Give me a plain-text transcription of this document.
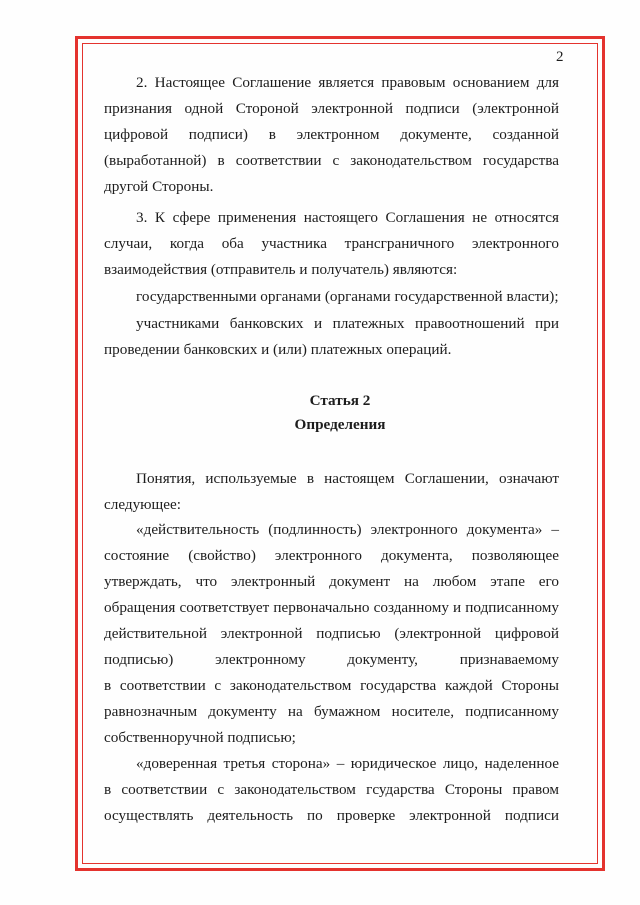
2
2. Настоящее Соглашение является правовым основанием для
признания одной Стороной электронной подписи (электронной
цифровой подписи) в электронном документе, созданной
(выработанной) в соответствии с законодательством государства
другой Стороны.
3. К сфере применения настоящего Соглашения не относятся
случаи, когда оба участника трансграничного электронного
взаимодействия (отправитель и получатель) являются:
государственными органами (органами государственной власти);
участниками банковских и платежных правоотношений при
проведении банковских и (или) платежных операций.
Статья 2
Определения
Понятия, используемые в настоящем Соглашении, означают
следующее:
«действительность (подлинность) электронного документа» –
состояние (свойство) электронного документа, позволяющее
утверждать, что электронный документ на любом этапе его
обращения соответствует первоначально созданному и подписанному
действительной электронной подписью (электронной цифровой
подписью) электронному документу, признаваемому
в соответствии с законодательством государства каждой Стороны
равнозначным документу на бумажном носителе, подписанному
собственноручной подписью;
«доверенная третья сторона» – юридическое лицо, наделенное
в соответствии с законодательством гсударства Стороны правом
осуществлять деятельность по проверке электронной подписи
